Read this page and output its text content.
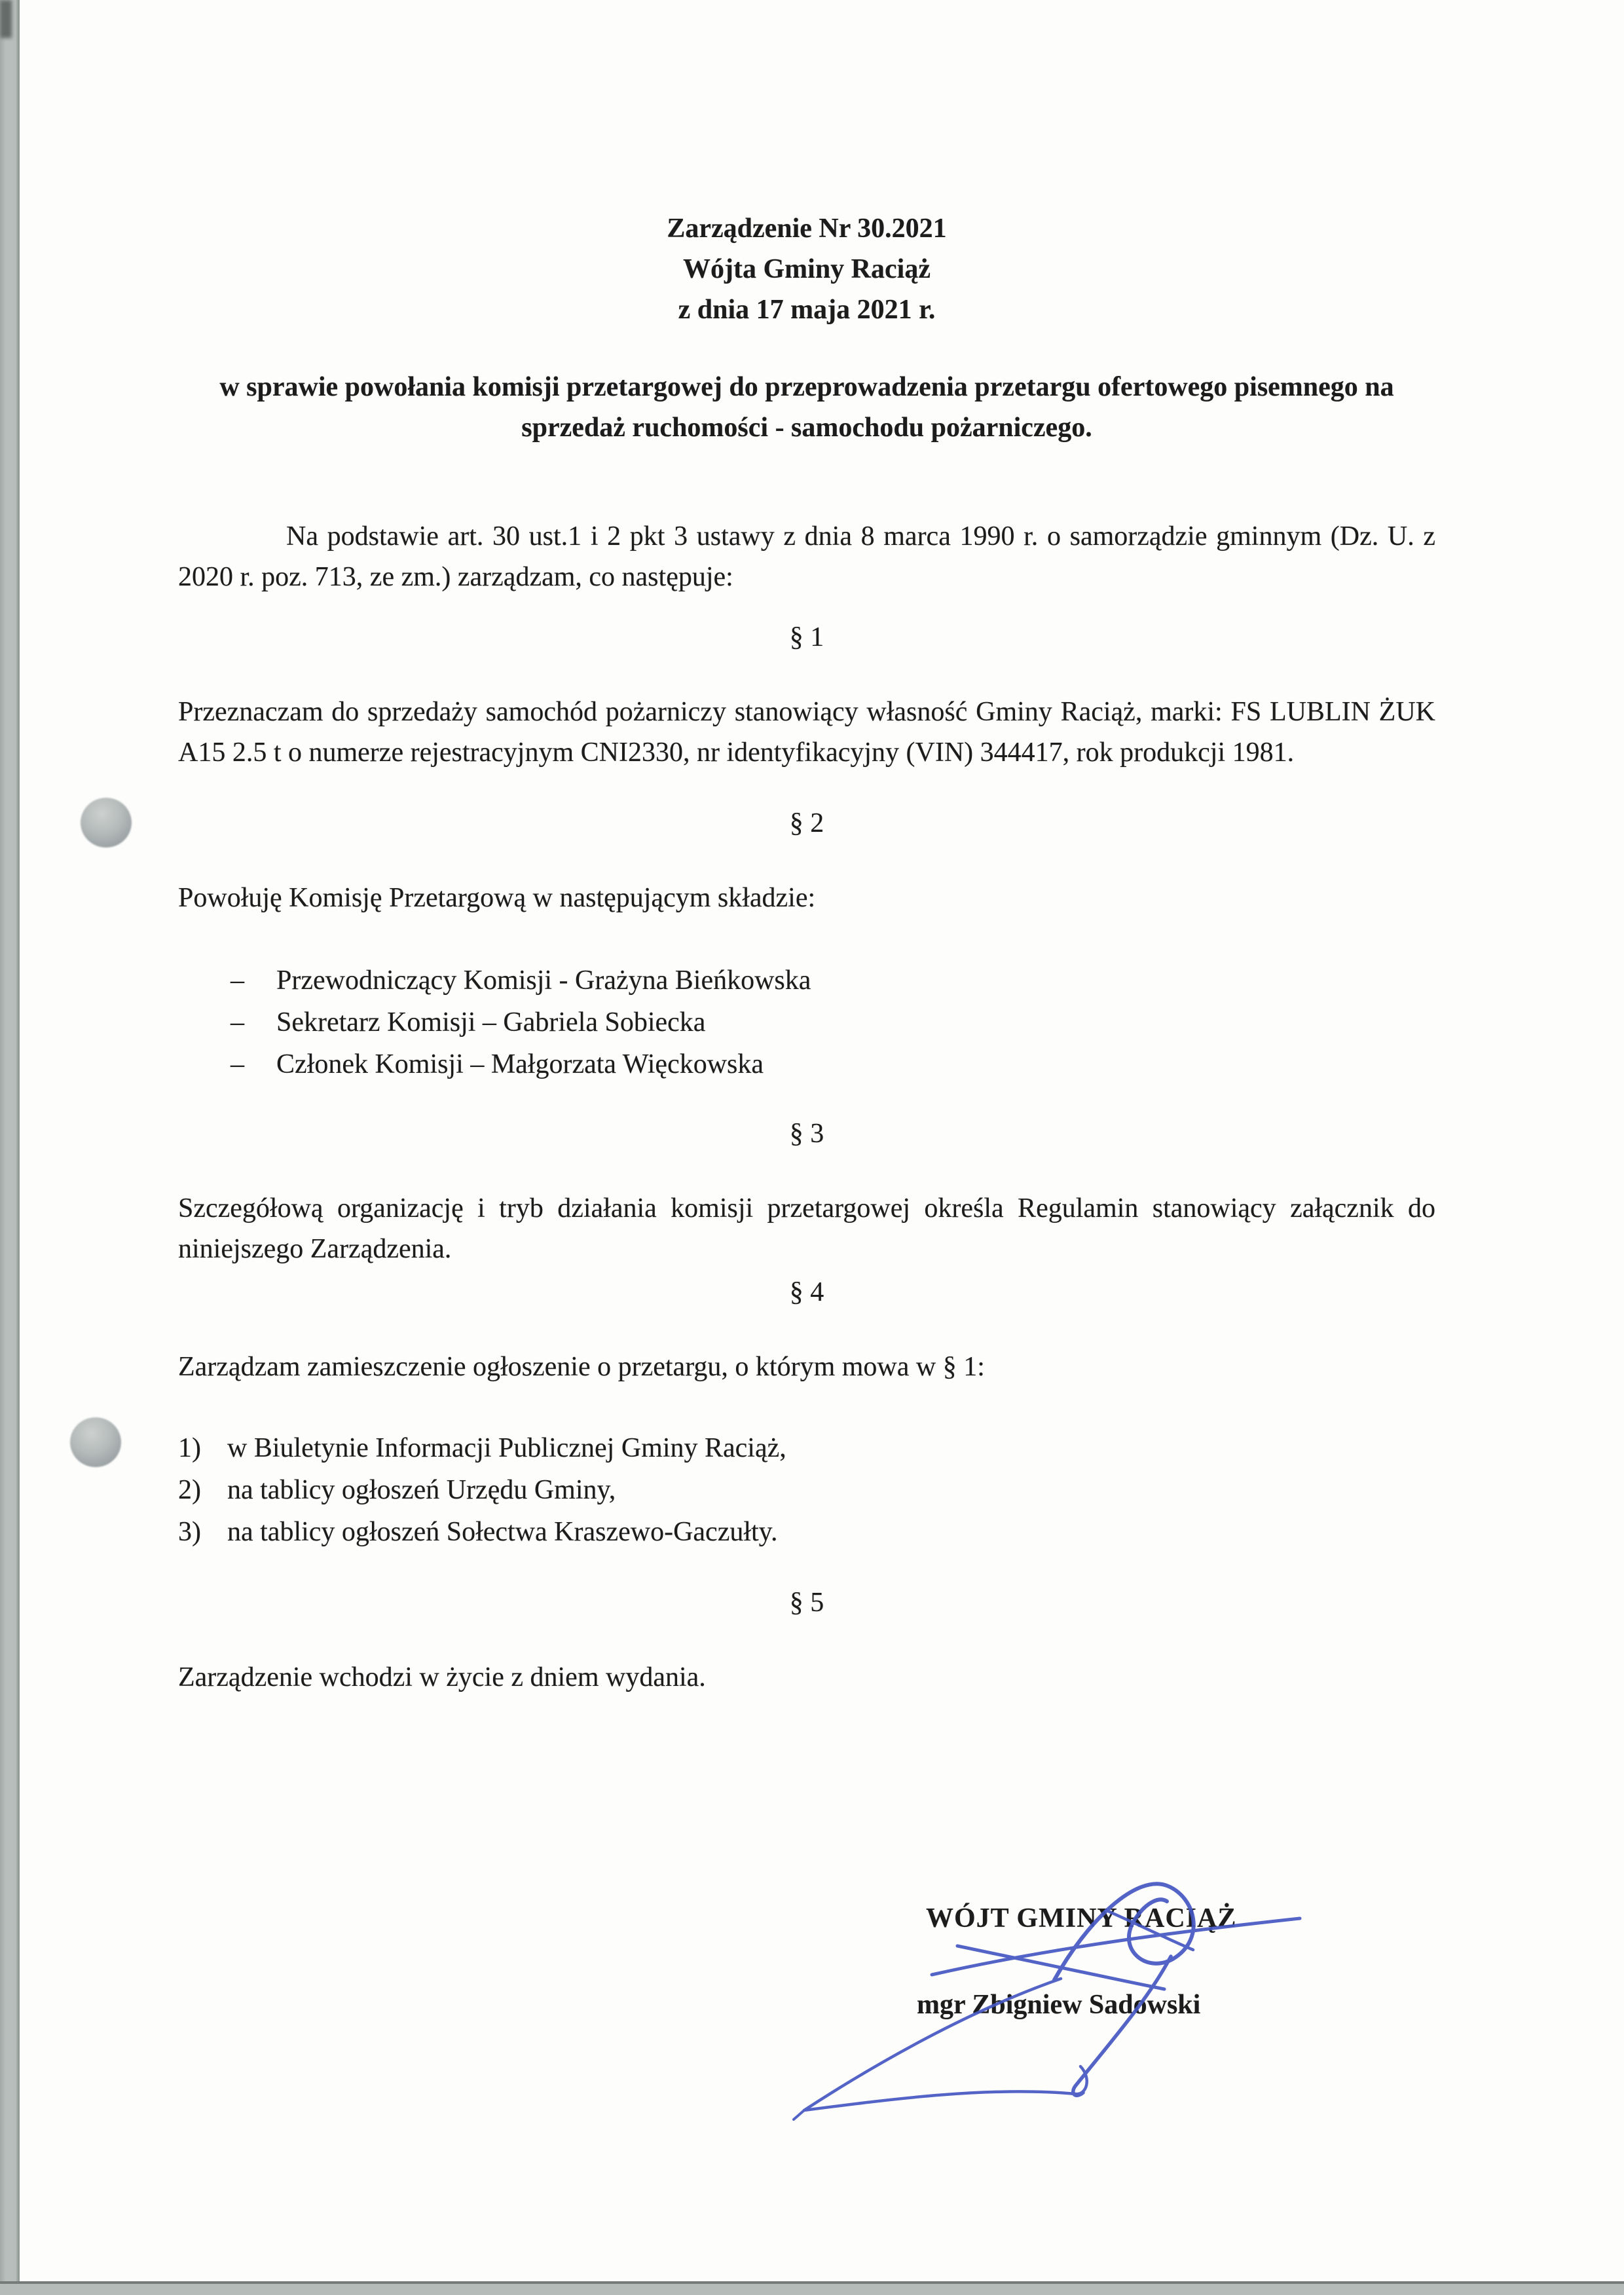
Zarządzenie Nr 30.2021
Wójta Gminy Raciąż
z dnia 17 maja 2021 r.
w sprawie powołania komisji przetargowej do przeprowadzenia przetargu ofertowego pisemnego na sprzedaż ruchomości - samochodu pożarniczego.
Na podstawie art. 30 ust.1 i 2 pkt 3 ustawy z dnia 8 marca 1990 r. o samorządzie gminnym (Dz. U. z 2020 r. poz. 713, ze zm.) zarządzam, co następuje:
§ 1
Przeznaczam do sprzedaży samochód pożarniczy stanowiący własność Gminy Raciąż, marki: FS LUBLIN ŻUK A15 2.5 t o numerze rejestracyjnym CNI2330, nr identyfikacyjny (VIN) 344417, rok produkcji 1981.
§ 2
Powołuję Komisję Przetargową w następującym składzie:
–	Przewodniczący Komisji - Grażyna Bieńkowska
–	Sekretarz Komisji – Gabriela Sobiecka
–	Członek Komisji – Małgorzata Więckowska
§ 3
Szczegółową organizację i tryb działania komisji przetargowej określa Regulamin stanowiący załącznik do niniejszego Zarządzenia.
§ 4
Zarządzam zamieszczenie ogłoszenie o przetargu, o którym mowa w § 1:
1) w Biuletynie Informacji Publicznej Gminy Raciąż,
2) na tablicy ogłoszeń Urzędu Gminy,
3) na tablicy ogłoszeń Sołectwa Kraszewo-Gaczułty.
§ 5
Zarządzenie wchodzi w życie z dniem wydania.
WÓJT GMINY RACIĄŻ
mgr Zbigniew Sadowski
